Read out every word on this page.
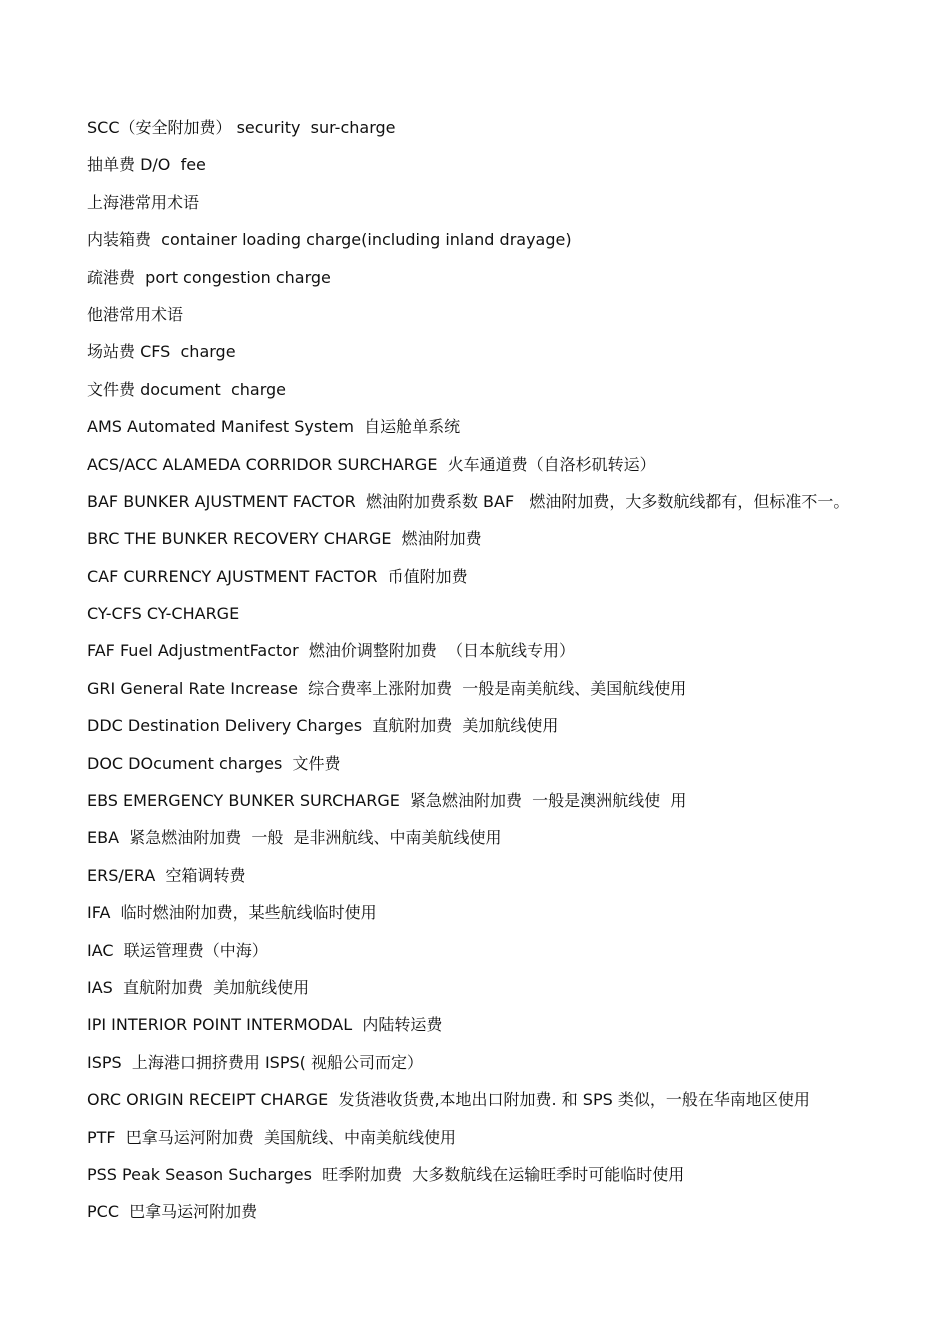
SCC（安全附加费） security  sur-charge
抽单费 D/O  fee
上海港常用术语
内装箱费  container loading charge(including inland drayage)
疏港费  port congestion charge
他港常用术语
场站费 CFS  charge
文件费 document  charge
AMS Automated Manifest System  自运舱单系统
ACS/ACC ALAMEDA CORRIDOR SURCHARGE  火车通道费（自洛杉矶转运）
BAF BUNKER AJUSTMENT FACTOR  燃油附加费系数 BAF   燃油附加费，大多数航线都有，但标准不一。
BRC THE BUNKER RECOVERY CHARGE  燃油附加费
CAF CURRENCY AJUSTMENT FACTOR  币值附加费
CY-CFS CY-CHARGE
FAF Fuel AdjustmentFactor  燃油价调整附加费  （日本航线专用）
GRI General Rate Increase  综合费率上涨附加费  一般是南美航线、美国航线使用
DDC Destination Delivery Charges  直航附加费  美加航线使用
DOC DOcument charges  文件费
EBS EMERGENCY BUNKER SURCHARGE  紧急燃油附加费  一般是澳洲航线使  用
EBA  紧急燃油附加费  一般  是非洲航线、中南美航线使用
ERS/ERA  空箱调转费
IFA  临时燃油附加费，某些航线临时使用
IAC  联运管理费（中海）
IAS  直航附加费  美加航线使用
IPI INTERIOR POINT INTERMODAL  内陆转运费
ISPS  上海港口拥挤费用 ISPS( 视船公司而定）
ORC ORIGIN RECEIPT CHARGE  发货港收货费,本地出口附加费. 和 SPS 类似，一般在华南地区使用
PTF  巴拿马运河附加费  美国航线、中南美航线使用
PSS Peak Season Sucharges  旺季附加费  大多数航线在运输旺季时可能临时使用
PCC  巴拿马运河附加费
